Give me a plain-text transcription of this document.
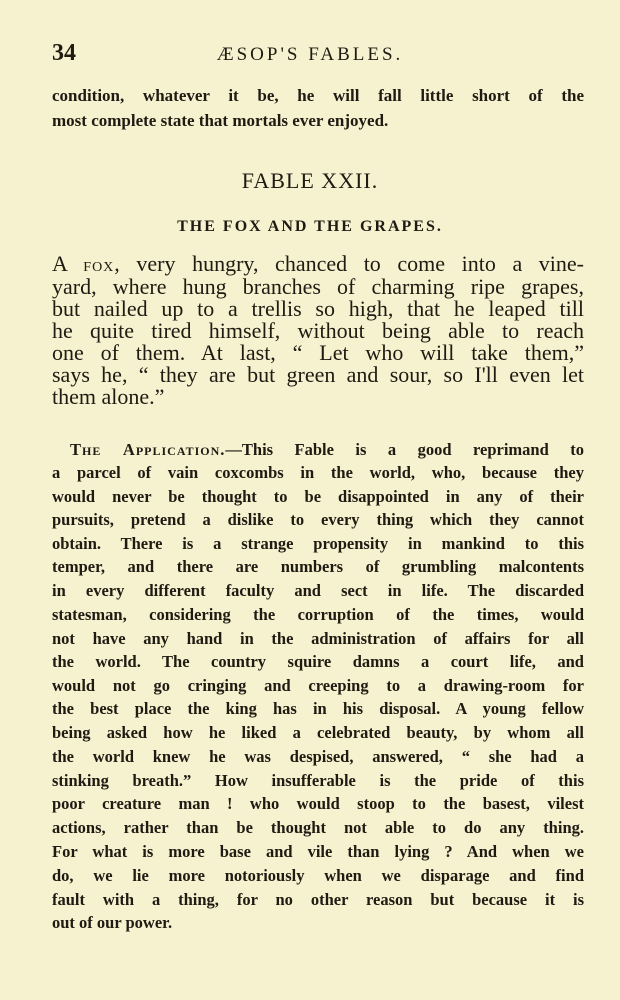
34	ÆSOP'S FABLES.
condition, whatever it be, he will fall little short of the
most complete state that mortals ever enjoyed.
FABLE XXII.
THE FOX AND THE GRAPES.
A fox, very hungry, chanced to come into a vine-
yard, where hung branches of charming ripe grapes,
but nailed up to a trellis so high, that he leaped till
he quite tired himself, without being able to reach
one of them. At last, “ Let who will take them,”
says he, “ they are but green and sour, so I'll even let
them alone.”
The Application.—This Fable is a good reprimand to
a parcel of vain coxcombs in the world, who, because they
would never be thought to be disappointed in any of their
pursuits, pretend a dislike to every thing which they cannot
obtain. There is a strange propensity in mankind to this
temper, and there are numbers of grumbling malcontents
in every different faculty and sect in life. The discarded
statesman, considering the corruption of the times, would
not have any hand in the administration of affairs for all
the world. The country squire damns a court life, and
would not go cringing and creeping to a drawing-room for
the best place the king has in his disposal. A young fellow
being asked how he liked a celebrated beauty, by whom all
the world knew he was despised, answered, “ she had a
stinking breath.” How insufferable is the pride of this
poor creature man ! who would stoop to the basest, vilest
actions, rather than be thought not able to do any thing.
For what is more base and vile than lying ? And when we
do, we lie more notoriously when we disparage and find
fault with a thing, for no other reason but because it is
out of our power.
